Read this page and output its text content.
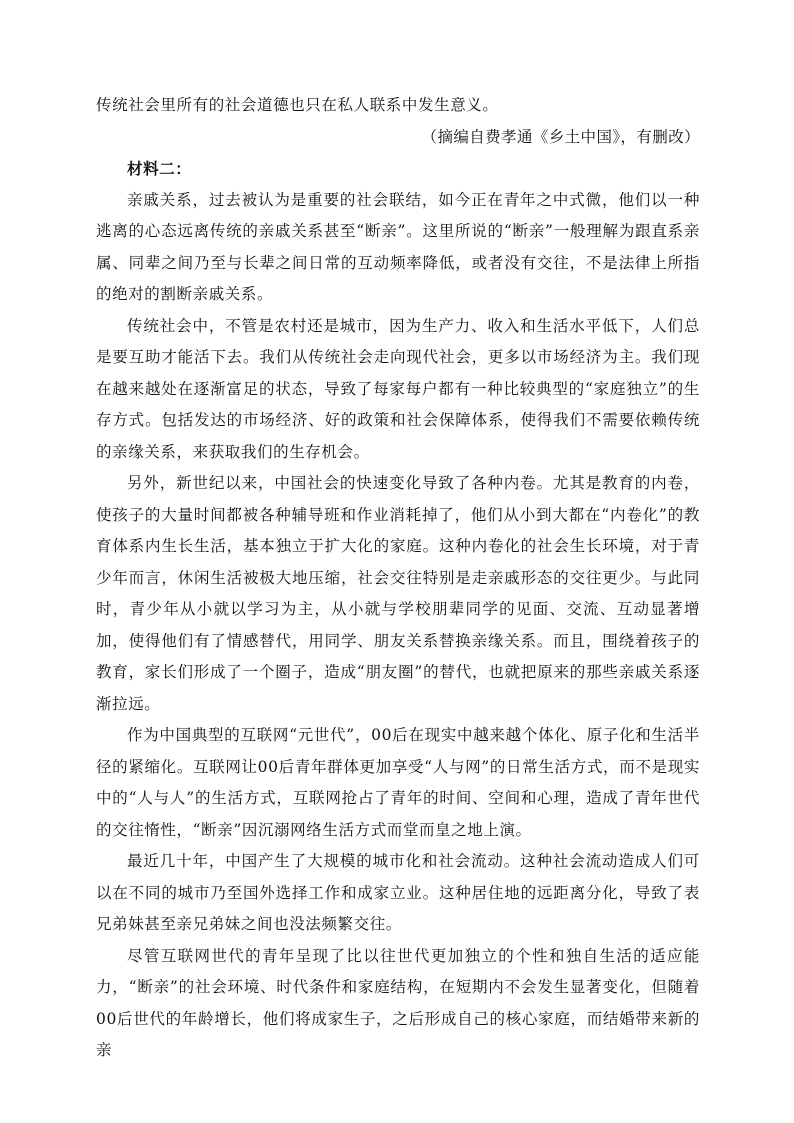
传统社会里所有的社会道德也只在私人联系中发生意义。

（摘编自费孝通《乡土中国》，有删改）

材料二：

亲戚关系，过去被认为是重要的社会联结，如今正在青年之中式微，他们以一种逃离的心态远离传统的亲戚关系甚至“断亲”。这里所说的“断亲”一般理解为跟直系亲属、同辈之间乃至与长辈之间日常的互动频率降低，或者没有交往，不是法律上所指的绝对的割断亲戚关系。

传统社会中，不管是农村还是城市，因为生产力、收入和生活水平低下，人们总是要互助才能活下去。我们从传统社会走向现代社会，更多以市场经济为主。我们现在越来越处在逐渐富足的状态，导致了每家每户都有一种比较典型的“家庭独立”的生存方式。包括发达的市场经济、好的政策和社会保障体系，使得我们不需要依赖传统的亲缘关系，来获取我们的生存机会。

另外，新世纪以来，中国社会的快速变化导致了各种内卷。尤其是教育的内卷，使孩子的大量时间都被各种辅导班和作业消耗掉了，他们从小到大都在“内卷化”的教育体系内生长生活，基本独立于扩大化的家庭。这种内卷化的社会生长环境，对于青少年而言，休闲生活被极大地压缩，社会交往特别是走亲戚形态的交往更少。与此同时，青少年从小就以学习为主，从小就与学校朋辈同学的见面、交流、互动显著增加，使得他们有了情感替代，用同学、朋友关系替换亲缘关系。而且，围绕着孩子的教育，家长们形成了一个圈子，造成“朋友圈”的替代，也就把原来的那些亲戚关系逐渐拉远。

作为中国典型的互联网“元世代”，00后在现实中越来越个体化、原子化和生活半径的紧缩化。互联网让00后青年群体更加享受“人与网”的日常生活方式，而不是现实中的“人与人”的生活方式，互联网抢占了青年的时间、空间和心理，造成了青年世代的交往惰性，“断亲”因沉溺网络生活方式而堂而皇之地上演。

最近几十年，中国产生了大规模的城市化和社会流动。这种社会流动造成人们可以在不同的城市乃至国外选择工作和成家立业。这种居住地的远距离分化，导致了表兄弟妹甚至亲兄弟妹之间也没法频繁交往。

尽管互联网世代的青年呈现了比以往世代更加独立的个性和独自生活的适应能力，“断亲”的社会环境、时代条件和家庭结构，在短期内不会发生显著变化，但随着00后世代的年龄增长，他们将成家生子，之后形成自己的核心家庭，而结婚带来新的亲
